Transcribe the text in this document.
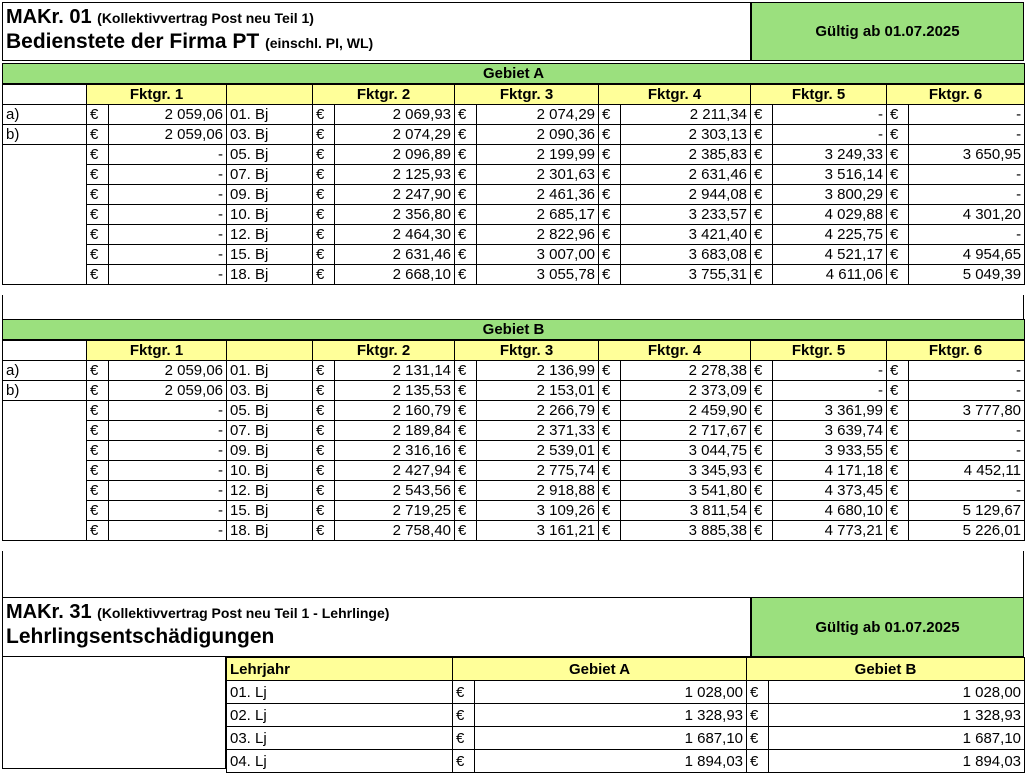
MAKr. 01 (Kollektivvertrag Post neu Teil 1)
Bedienstete der Firma PT (einschl. PI, WL)
Gültig ab 01.07.2025
Gebiet A													
	Fktgr. 1			Fktgr. 2		Fktgr. 3		Fktgr. 4		Fktgr. 5		Fktgr. 6	
a)	€	2 059,06	01. Bj	€	2 069,93	€	2 074,29	€	2 211,34	€	-	€	-
b)	€	2 059,06	03. Bj	€	2 074,29	€	2 090,36	€	2 303,13	€	-	€	-
	€	-	05. Bj	€	2 096,89	€	2 199,99	€	2 385,83	€	3 249,33	€	3 650,95
	€	-	07. Bj	€	2 125,93	€	2 301,63	€	2 631,46	€	3 516,14	€	-
	€	-	09. Bj	€	2 247,90	€	2 461,36	€	2 944,08	€	3 800,29	€	-
	€	-	10. Bj	€	2 356,80	€	2 685,17	€	3 233,57	€	4 029,88	€	4 301,20
	€	-	12. Bj	€	2 464,30	€	2 822,96	€	3 421,40	€	4 225,75	€	-
	€	-	15. Bj	€	2 631,46	€	3 007,00	€	3 683,08	€	4 521,17	€	4 954,65
	€	-	18. Bj	€	2 668,10	€	3 055,78	€	3 755,31	€	4 611,06	€	5 049,39
Gebiet B													
	Fktgr. 1			Fktgr. 2		Fktgr. 3		Fktgr. 4		Fktgr. 5		Fktgr. 6	
a)	€	2 059,06	01. Bj	€	2 131,14	€	2 136,99	€	2 278,38	€	-	€	-
b)	€	2 059,06	03. Bj	€	2 135,53	€	2 153,01	€	2 373,09	€	-	€	-
	€	-	05. Bj	€	2 160,79	€	2 266,79	€	2 459,90	€	3 361,99	€	3 777,80
	€	-	07. Bj	€	2 189,84	€	2 371,33	€	2 717,67	€	3 639,74	€	-
	€	-	09. Bj	€	2 316,16	€	2 539,01	€	3 044,75	€	3 933,55	€	-
	€	-	10. Bj	€	2 427,94	€	2 775,74	€	3 345,93	€	4 171,18	€	4 452,11
	€	-	12. Bj	€	2 543,56	€	2 918,88	€	3 541,80	€	4 373,45	€	-
	€	-	15. Bj	€	2 719,25	€	3 109,26	€	3 811,54	€	4 680,10	€	5 129,67
	€	-	18. Bj	€	2 758,40	€	3 161,21	€	3 885,38	€	4 773,21	€	5 226,01
MAKr. 31 (Kollektivvertrag Post neu Teil 1 - Lehrlinge)
Lehrlingsentschädigungen	Gültig ab 01.07.2025
Lehrjahr	Gebiet A		Gebiet B	
01. Lj	€	1 028,00	€	1 028,00
02. Lj	€	1 328,93	€	1 328,93
03. Lj	€	1 687,10	€	1 687,10
04. Lj	€	1 894,03	€	1 894,03
